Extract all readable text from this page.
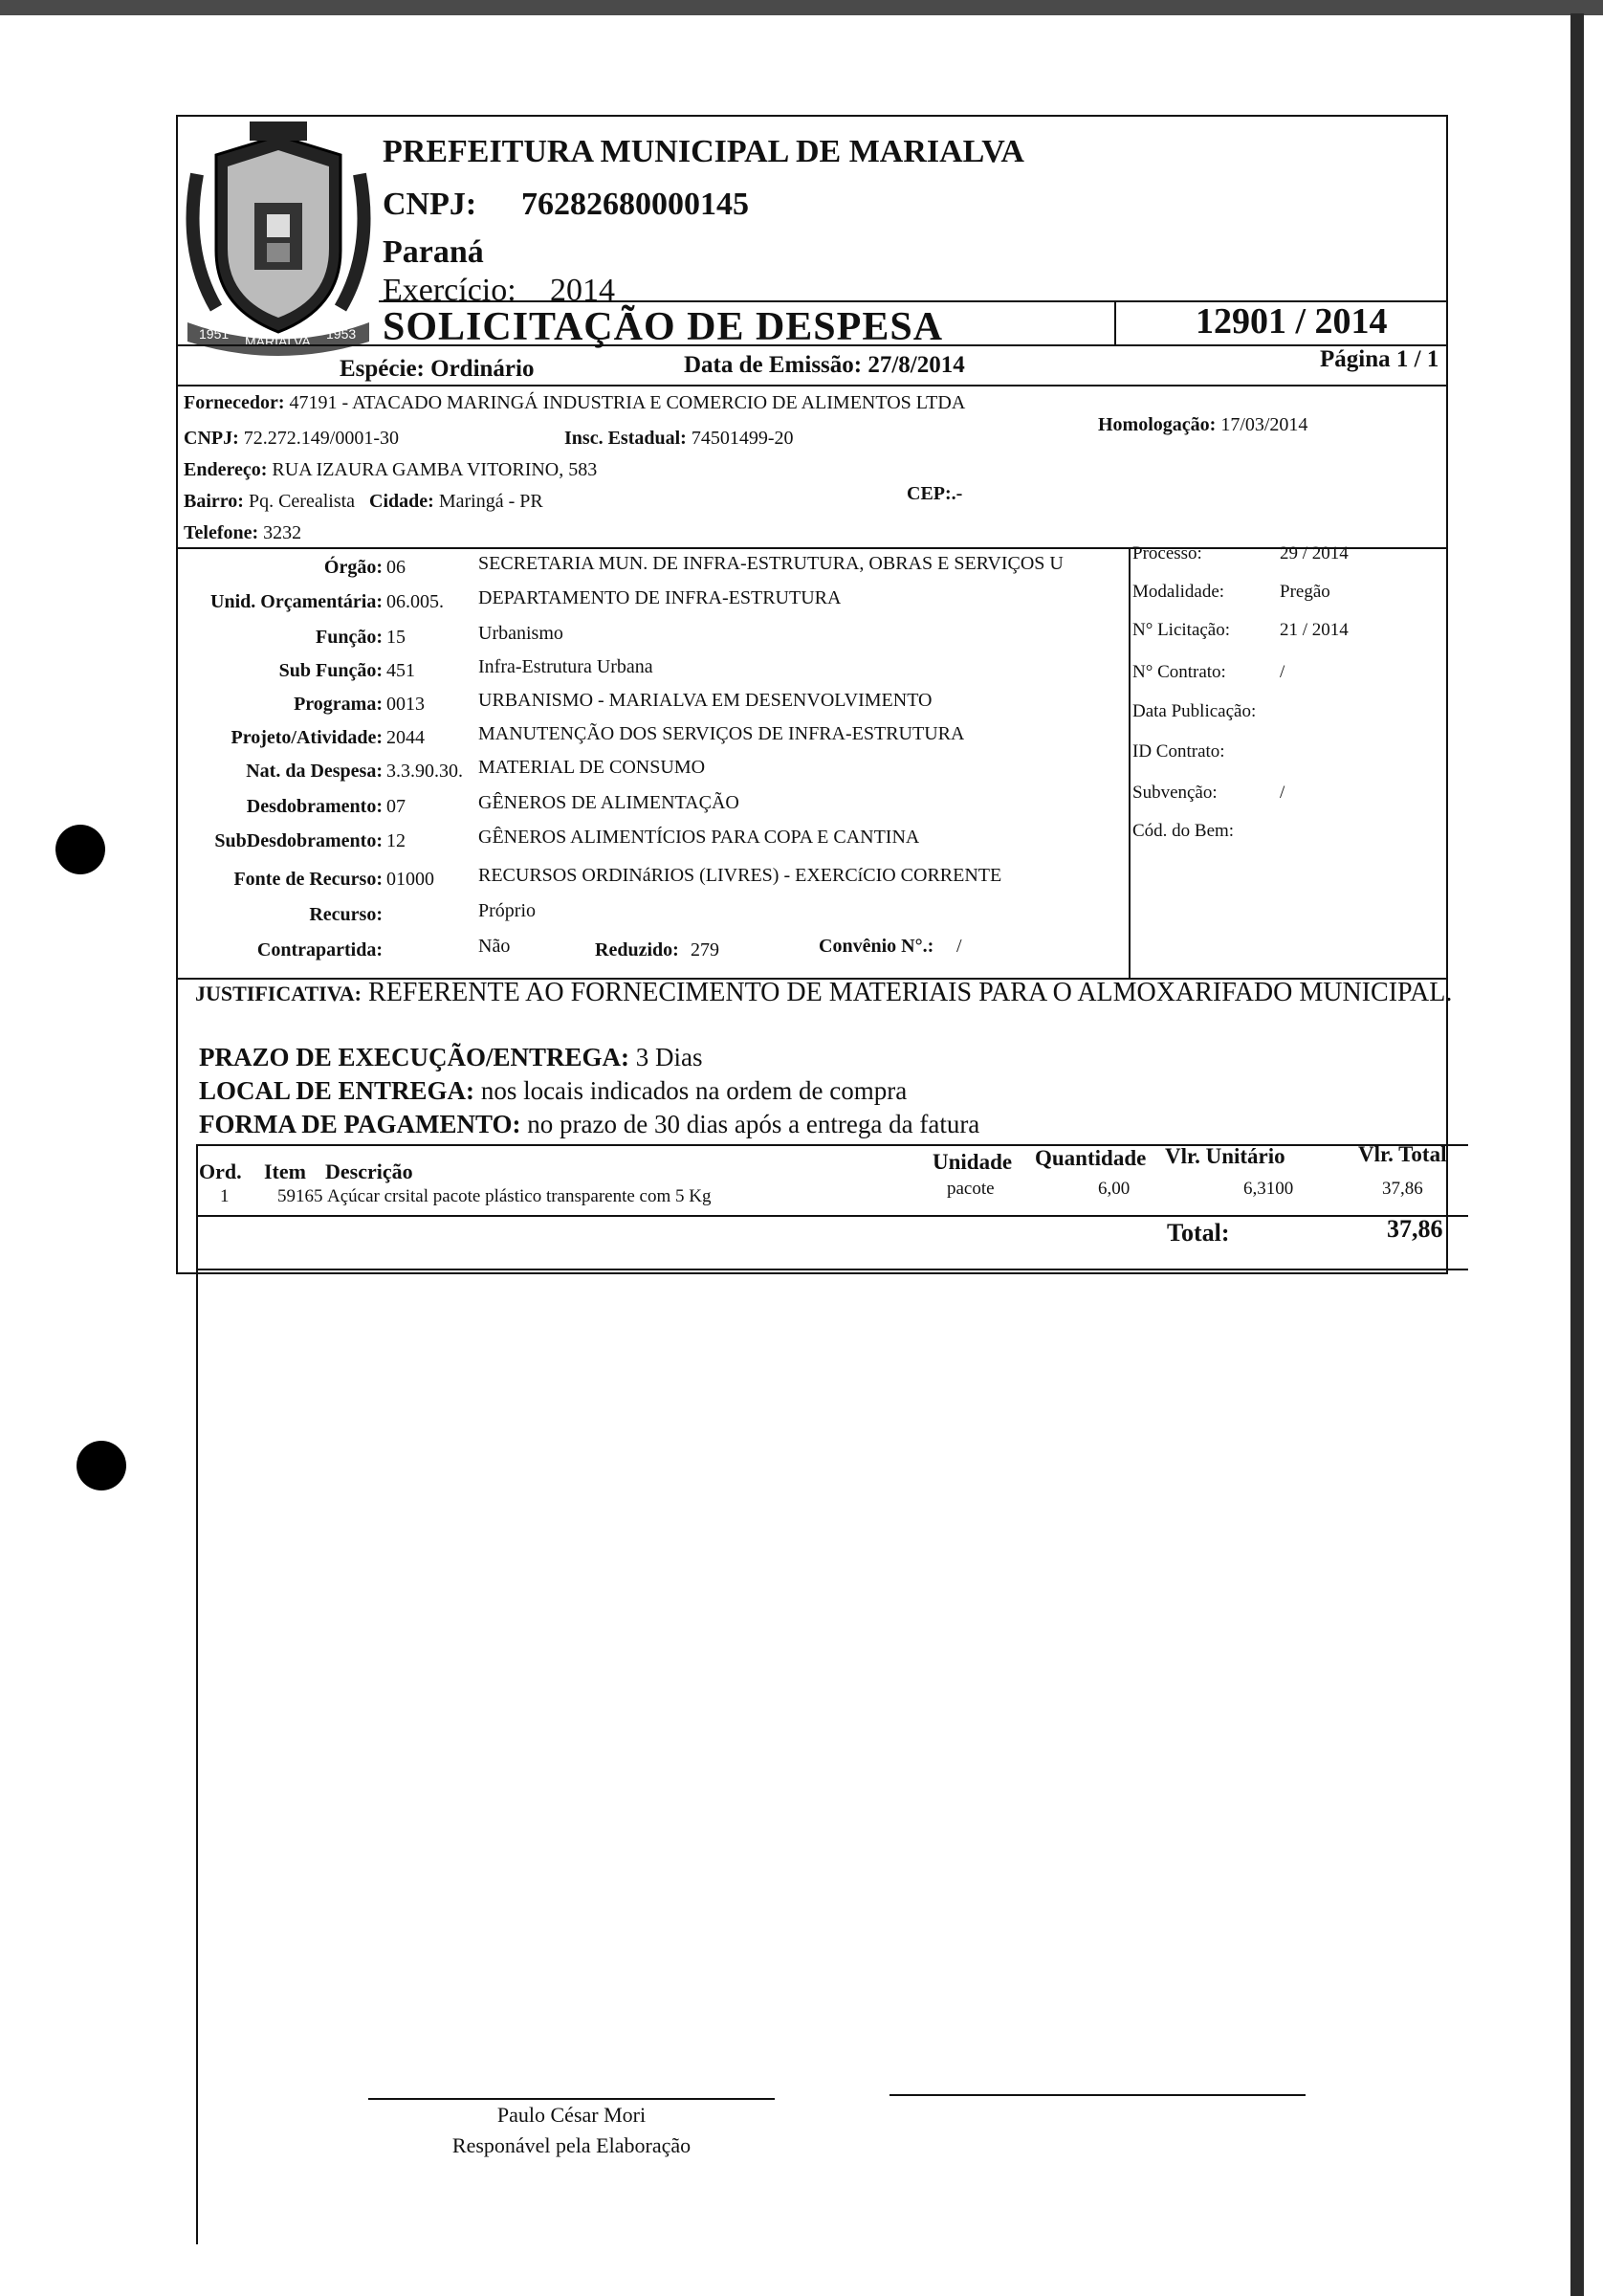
1951 MARIALVA 1953
PREFEITURA MUNICIPAL DE MARIALVA
CNPJ: 76282680000145
Paraná
Exercício: 2014
SOLICITAÇÃO DE DESPESA	12901 / 2014
Espécie: Ordinário	Data de Emissão: 27/8/2014	Página 1 / 1
Fornecedor: 47191 - ATACADO MARINGÁ INDUSTRIA E COMERCIO DE ALIMENTOS LTDA
CNPJ: 72.272.149/0001-30	Insc. Estadual: 74501499-20
Homologação: 17/03/2014
Endereço: RUA IZAURA GAMBA VITORINO, 583
Bairro: Pq. Cerealista Cidade: Maringá - PR	CEP:.-
Telefone: 3232
Órgão: 06	SECRETARIA MUN. DE INFRA-ESTRUTURA, OBRAS E SERVIÇOS U
Unid. Orçamentária: 06.005. DEPARTAMENTO DE INFRA-ESTRUTURA
Função: 15	Urbanismo
Sub Função: 451	Infra-Estrutura Urbana
Programa: 0013	URBANISMO - MARIALVA EM DESENVOLVIMENTO
Projeto/Atividade: 2044	MANUTENÇÃO DOS SERVIÇOS DE INFRA-ESTRUTURA
Nat. da Despesa: 3.3.90.30. MATERIAL DE CONSUMO
Desdobramento: 07	GÊNEROS DE ALIMENTAÇÃO
SubDesdobramento: 12	GÊNEROS ALIMENTÍCIOS PARA COPA E CANTINA
Fonte de Recurso: 01000 RECURSOS ORDINáRIOS (LIVRES) - EXERCíCIO CORRENTE
Recurso:	Próprio
Contrapartida:	Não
Processo:	29 / 2014
Modalidade:	Pregão
N° Licitação:	21 / 2014
N° Contrato:	/
Data Publicação:
ID Contrato:
Subvenção:	/
Cód. do Bem:
Reduzido: 279	Convênio N°.: /
JUSTIFICATIVA: REFERENTE AO FORNECIMENTO DE MATERIAIS PARA O ALMOXARIFADO MUNICIPAL.
PRAZO DE EXECUÇÃO/ENTREGA: 3 Dias
LOCAL DE ENTREGA: nos locais indicados na ordem de compra
FORMA DE PAGAMENTO: no prazo de 30 dias após a entrega da fatura
Ord. Item Descrição	Unidade Quantidade Vlr. Unitário	Vlr. Total
1	59165 Açúcar crsital pacote plástico transparente com 5 Kg	pacote	6,00	6,3100	37,86
Total:	37,86
Paulo César Mori
Responável pela Elaboração
